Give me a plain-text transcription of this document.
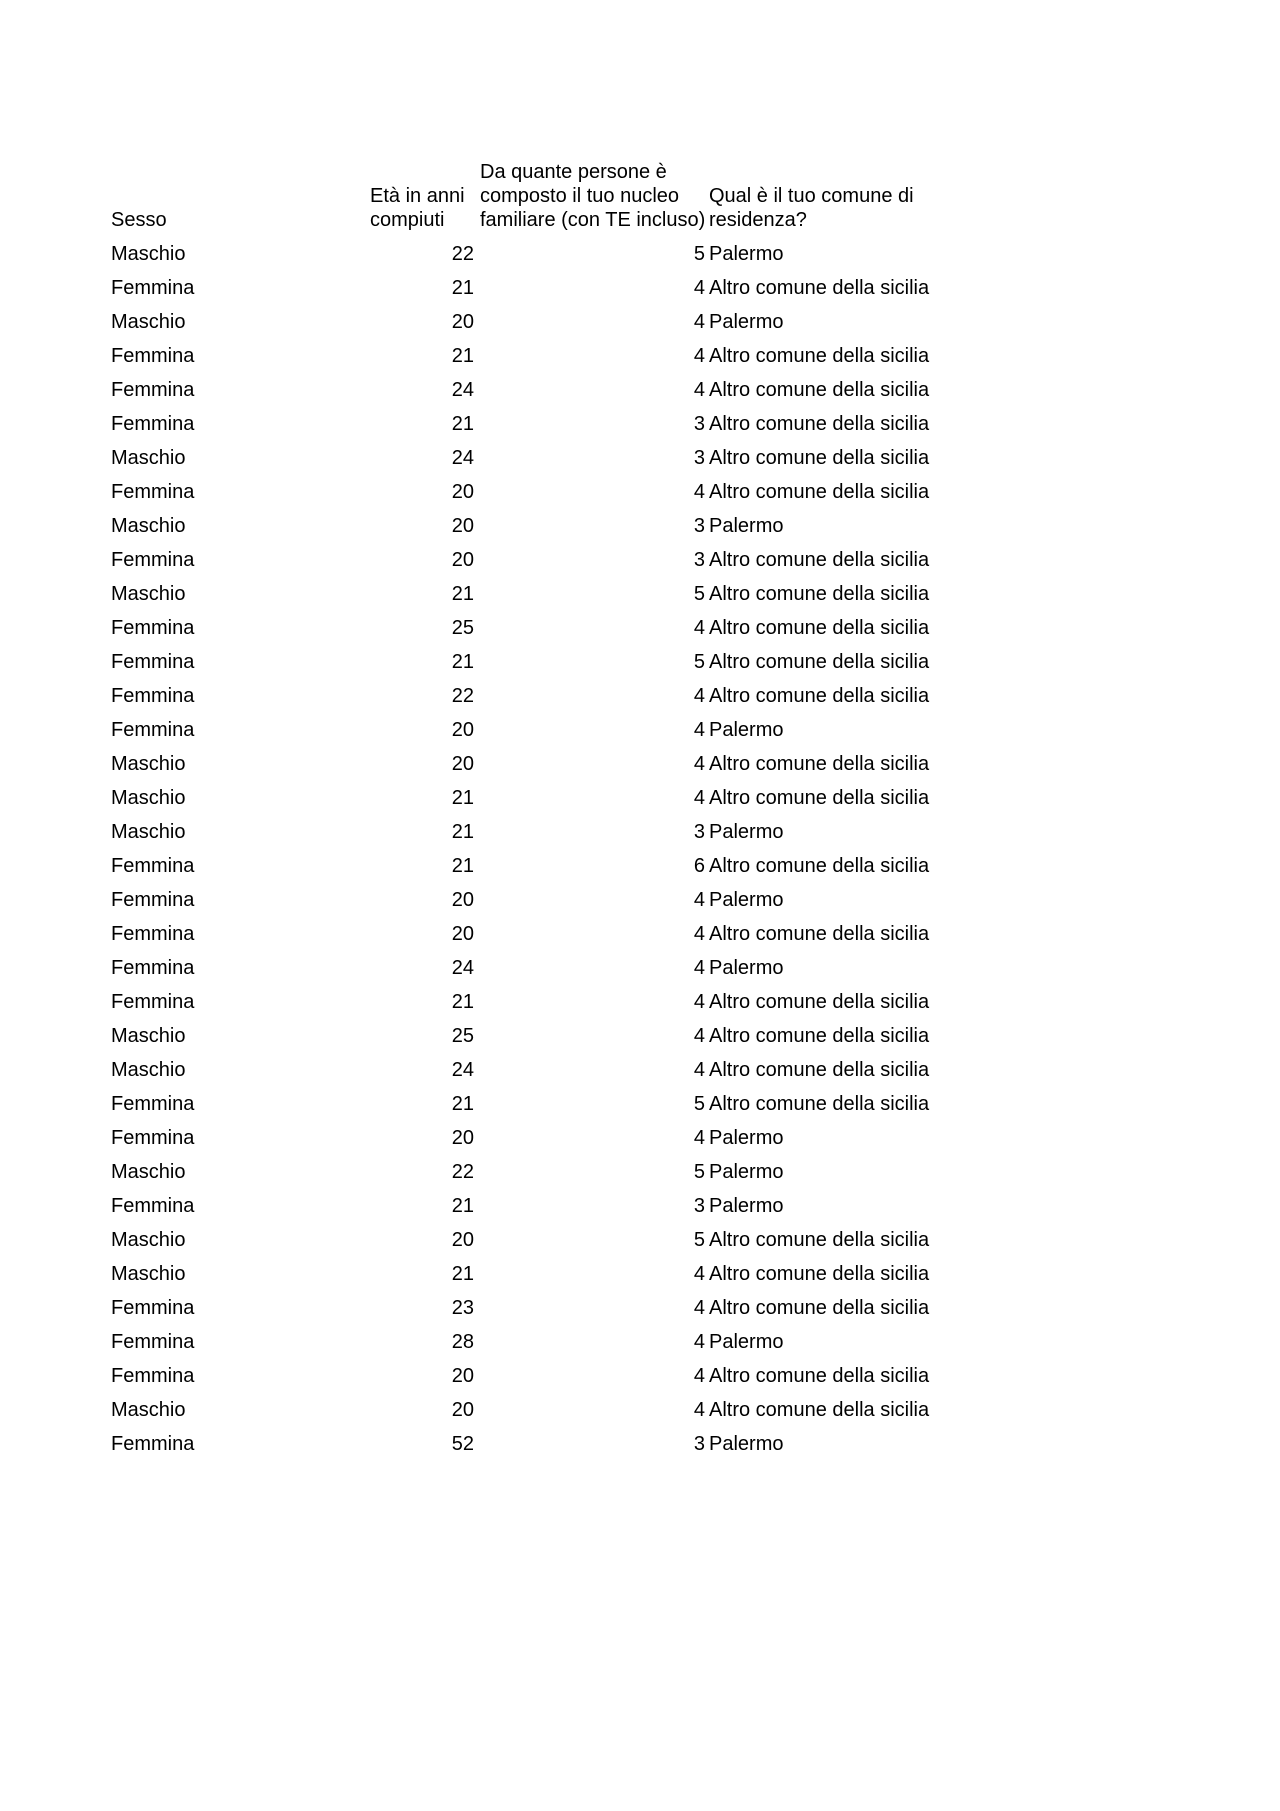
Sesso	Età in anni compiuti	Da quante persone è composto il tuo nucleo familiare (con TE incluso)	Qual è il tuo comune di residenza?

Maschio	22	5	Palermo
Femmina	21	4	Altro comune della sicilia
Maschio	20	4	Palermo
Femmina	21	4	Altro comune della sicilia
Femmina	24	4	Altro comune della sicilia
Femmina	21	3	Altro comune della sicilia
Maschio	24	3	Altro comune della sicilia
Femmina	20	4	Altro comune della sicilia
Maschio	20	3	Palermo
Femmina	20	3	Altro comune della sicilia
Maschio	21	5	Altro comune della sicilia
Femmina	25	4	Altro comune della sicilia
Femmina	21	5	Altro comune della sicilia
Femmina	22	4	Altro comune della sicilia
Femmina	20	4	Palermo
Maschio	20	4	Altro comune della sicilia
Maschio	21	4	Altro comune della sicilia
Maschio	21	3	Palermo
Femmina	21	6	Altro comune della sicilia
Femmina	20	4	Palermo
Femmina	20	4	Altro comune della sicilia
Femmina	24	4	Palermo
Femmina	21	4	Altro comune della sicilia
Maschio	25	4	Altro comune della sicilia
Maschio	24	4	Altro comune della sicilia
Femmina	21	5	Altro comune della sicilia
Femmina	20	4	Palermo
Maschio	22	5	Palermo
Femmina	21	3	Palermo
Maschio	20	5	Altro comune della sicilia
Maschio	21	4	Altro comune della sicilia
Femmina	23	4	Altro comune della sicilia
Femmina	28	4	Palermo
Femmina	20	4	Altro comune della sicilia
Maschio	20	4	Altro comune della sicilia
Femmina	52	3	Palermo
